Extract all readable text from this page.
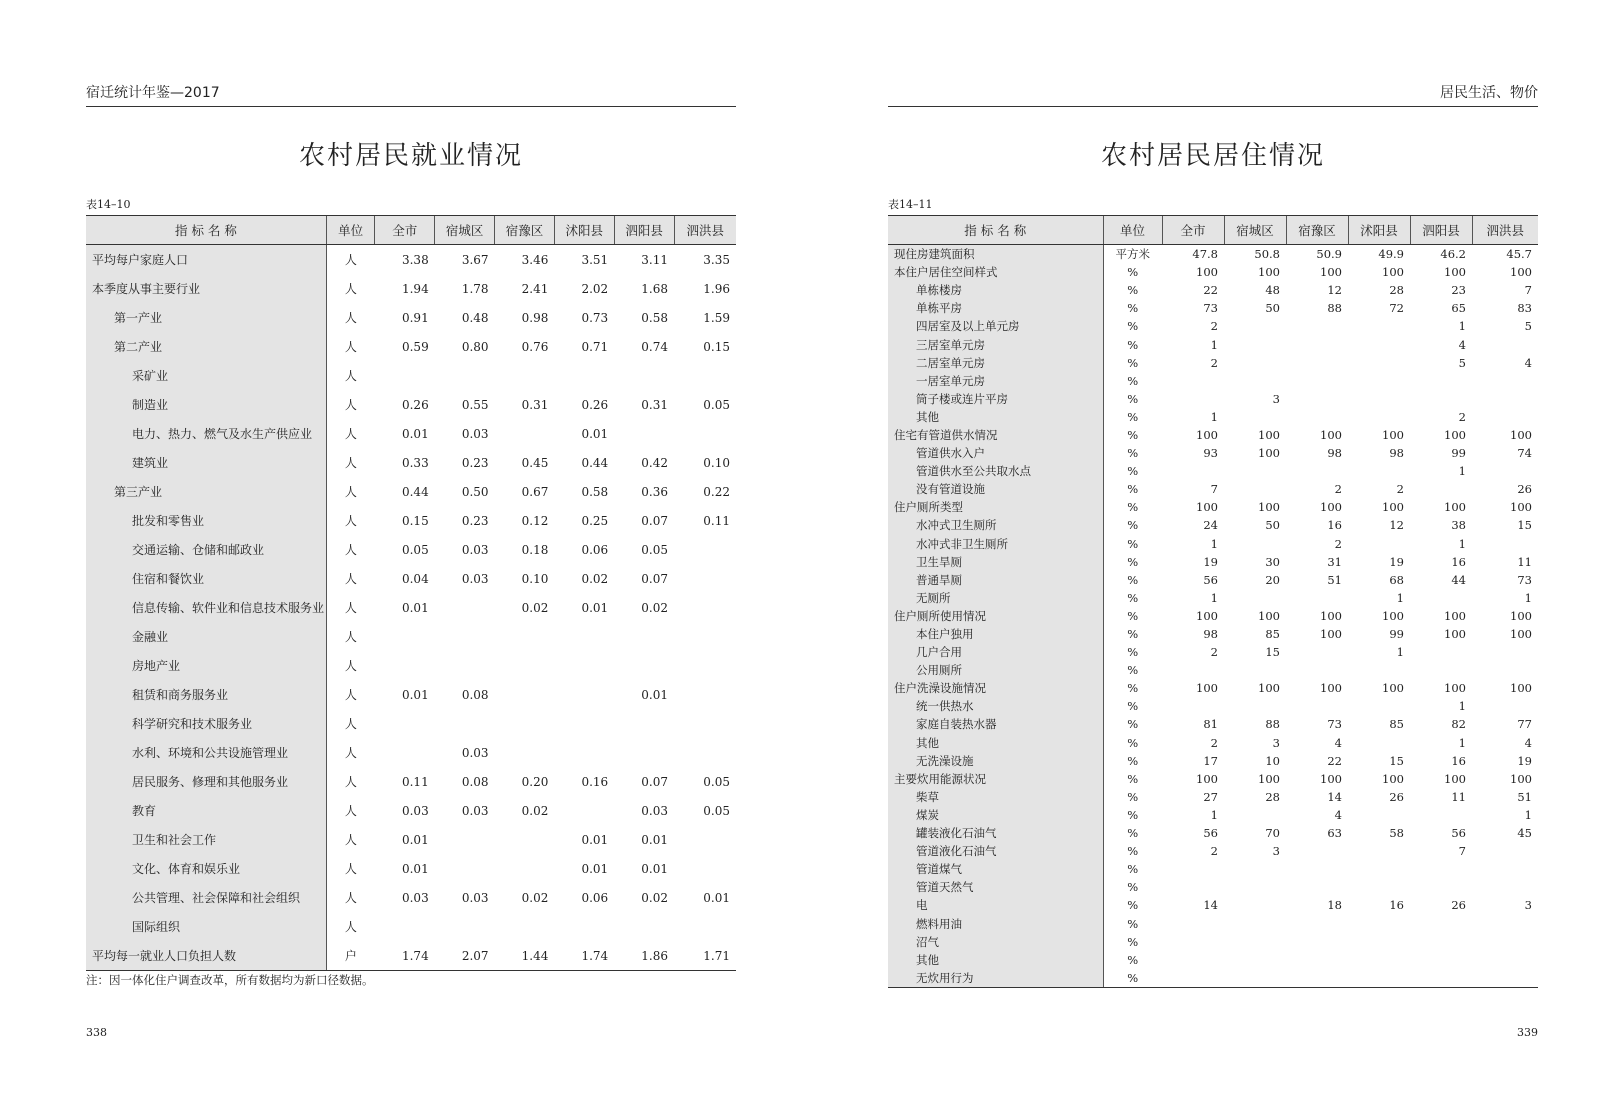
宿迁统计年鉴—2017
农村居民就业情况
表14–10
指 标 名 称	单位	全市	宿城区	宿豫区	沭阳县	泗阳县	泗洪县
平均每户家庭人口	人	3.38	3.67	3.46	3.51	3.11	3.35
本季度从事主要行业	人	1.94	1.78	2.41	2.02	1.68	1.96
第一产业	人	0.91	0.48	0.98	0.73	0.58	1.59
第二产业	人	0.59	0.80	0.76	0.71	0.74	0.15
采矿业	人						
制造业	人	0.26	0.55	0.31	0.26	0.31	0.05
电力、热力、燃气及水生产供应业	人	0.01	0.03		0.01		
建筑业	人	0.33	0.23	0.45	0.44	0.42	0.10
第三产业	人	0.44	0.50	0.67	0.58	0.36	0.22
批发和零售业	人	0.15	0.23	0.12	0.25	0.07	0.11
交通运输、仓储和邮政业	人	0.05	0.03	0.18	0.06	0.05	
住宿和餐饮业	人	0.04	0.03	0.10	0.02	0.07	
信息传输、软件业和信息技术服务业	人	0.01		0.02	0.01	0.02	
金融业	人						
房地产业	人						
租赁和商务服务业	人	0.01	0.08			0.01	
科学研究和技术服务业	人						
水利、环境和公共设施管理业	人		0.03				
居民服务、修理和其他服务业	人	0.11	0.08	0.20	0.16	0.07	0.05
教育	人	0.03	0.03	0.02		0.03	0.05
卫生和社会工作	人	0.01			0.01	0.01	
文化、体育和娱乐业	人	0.01			0.01	0.01	
公共管理、社会保障和社会组织	人	0.03	0.03	0.02	0.06	0.02	0.01
国际组织	人						
平均每一就业人口负担人数	户	1.74	2.07	1.44	1.74	1.86	1.71
注：因一体化住户调查改革，所有数据均为新口径数据。
338
居民生活、物价
农村居民居住情况
表14–11
指 标 名 称	单位	全市	宿城区	宿豫区	沭阳县	泗阳县	泗洪县
现住房建筑面积	平方米	47.8	50.8	50.9	49.9	46.2	45.7
本住户居住空间样式	%	100	100	100	100	100	100
单栋楼房	%	22	48	12	28	23	7
单栋平房	%	73	50	88	72	65	83
四居室及以上单元房	%	2				1	5
三居室单元房	%	1				4	
二居室单元房	%	2				5	4
一居室单元房	%						
筒子楼或连片平房	%		3				
其他	%	1				2	
住宅有管道供水情况	%	100	100	100	100	100	100
管道供水入户	%	93	100	98	98	99	74
管道供水至公共取水点	%					1	
没有管道设施	%	7		2	2		26
住户厕所类型	%	100	100	100	100	100	100
水冲式卫生厕所	%	24	50	16	12	38	15
水冲式非卫生厕所	%	1		2		1	
卫生旱厕	%	19	30	31	19	16	11
普通旱厕	%	56	20	51	68	44	73
无厕所	%	1			1		1
住户厕所使用情况	%	100	100	100	100	100	100
本住户独用	%	98	85	100	99	100	100
几户合用	%	2	15		1		
公用厕所	%						
住户洗澡设施情况	%	100	100	100	100	100	100
统一供热水	%					1	
家庭自装热水器	%	81	88	73	85	82	77
其他	%	2	3	4		1	4
无洗澡设施	%	17	10	22	15	16	19
主要炊用能源状况	%	100	100	100	100	100	100
柴草	%	27	28	14	26	11	51
煤炭	%	1		4			1
罐装液化石油气	%	56	70	63	58	56	45
管道液化石油气	%	2	3			7	
管道煤气	%						
管道天然气	%						
电	%	14		18	16	26	3
燃料用油	%						
沼气	%						
其他	%						
无炊用行为	%						
339
